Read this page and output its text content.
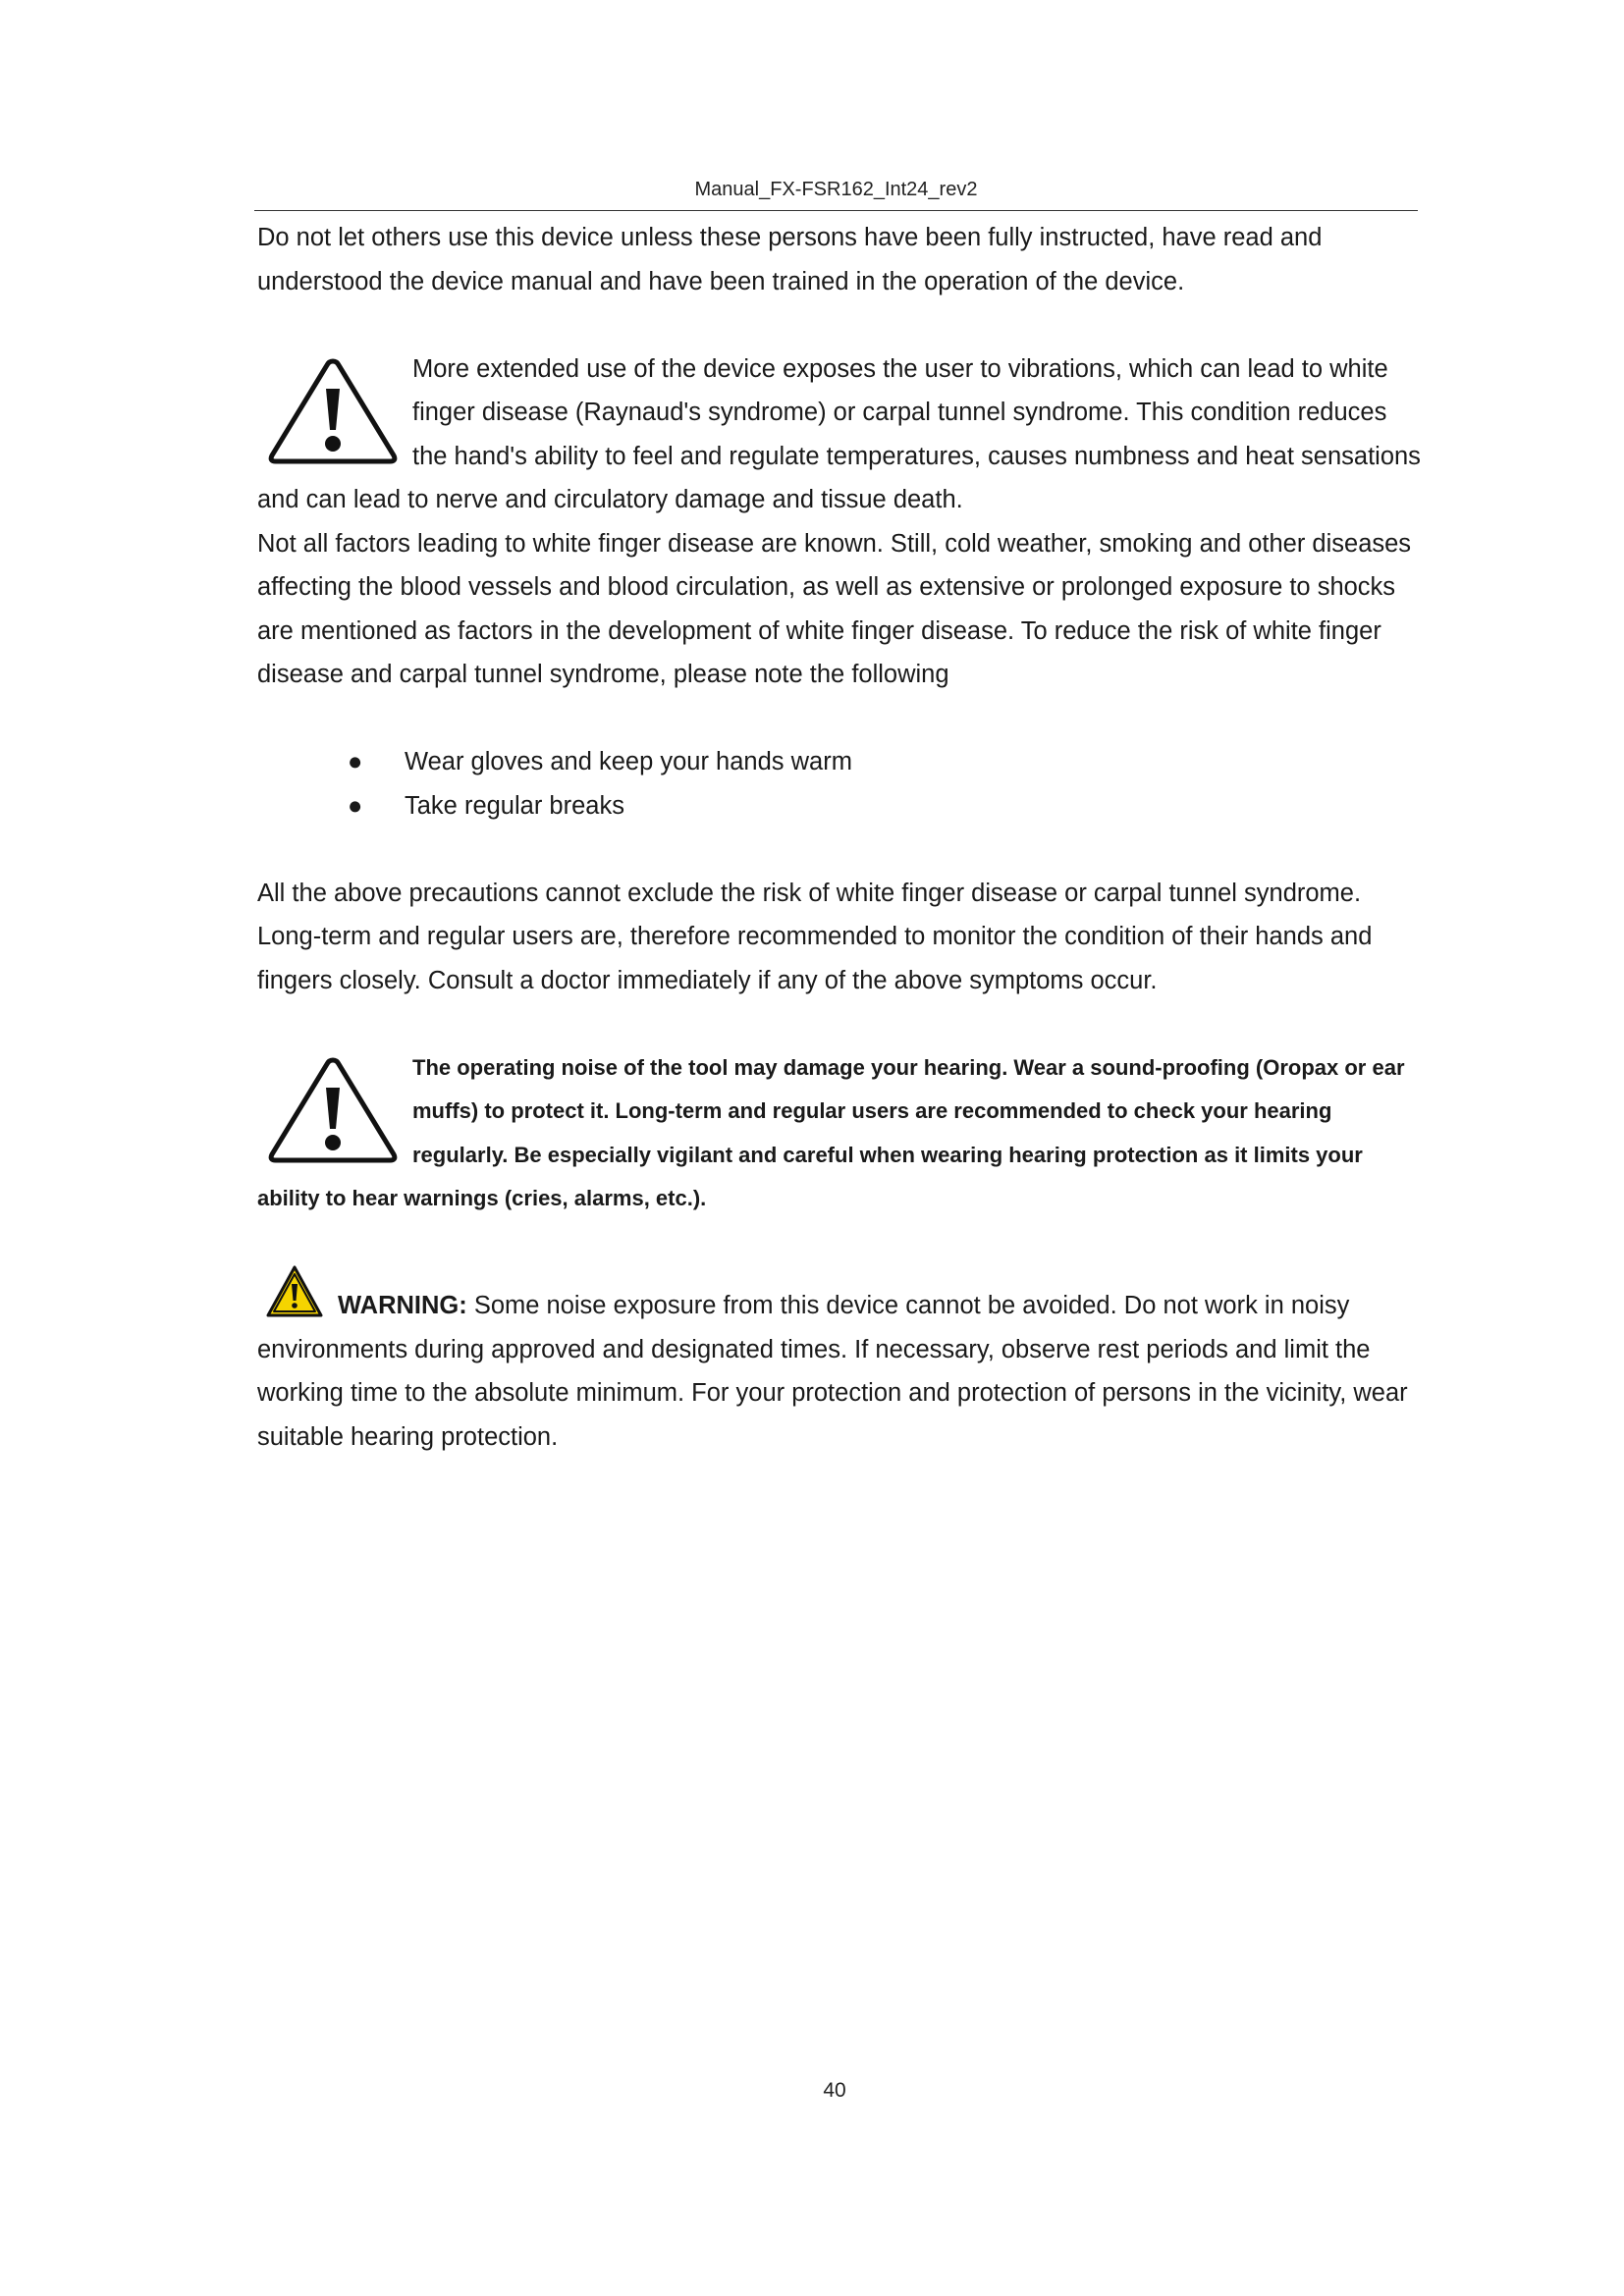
Manual_FX-FSR162_Int24_rev2

Do not let others use this device unless these persons have been fully instructed, have read and understood the device manual and have been trained in the operation of the device.

More extended use of the device exposes the user to vibrations, which can lead to white finger disease (Raynaud's syndrome) or carpal tunnel syndrome. This condition reduces the hand's ability to feel and regulate temperatures, causes numbness and heat sensations and can lead to nerve and circulatory damage and tissue death.

Not all factors leading to white finger disease are known. Still, cold weather, smoking and other diseases affecting the blood vessels and blood circulation, as well as extensive or prolonged exposure to shocks are mentioned as factors in the development of white finger disease. To reduce the risk of white finger disease and carpal tunnel syndrome, please note the following

● Wear gloves and keep your hands warm
● Take regular breaks

All the above precautions cannot exclude the risk of white finger disease or carpal tunnel syndrome. Long-term and regular users are, therefore recommended to monitor the condition of their hands and fingers closely. Consult a doctor immediately if any of the above symptoms occur.

The operating noise of the tool may damage your hearing. Wear a sound-proofing (Oropax or ear muffs) to protect it. Long-term and regular users are recommended to check your hearing regularly. Be especially vigilant and careful when wearing hearing protection as it limits your ability to hear warnings (cries, alarms, etc.).

WARNING: Some noise exposure from this device cannot be avoided. Do not work in noisy environments during approved and designated times. If necessary, observe rest periods and limit the working time to the absolute minimum. For your protection and protection of persons in the vicinity, wear suitable hearing protection.

40
